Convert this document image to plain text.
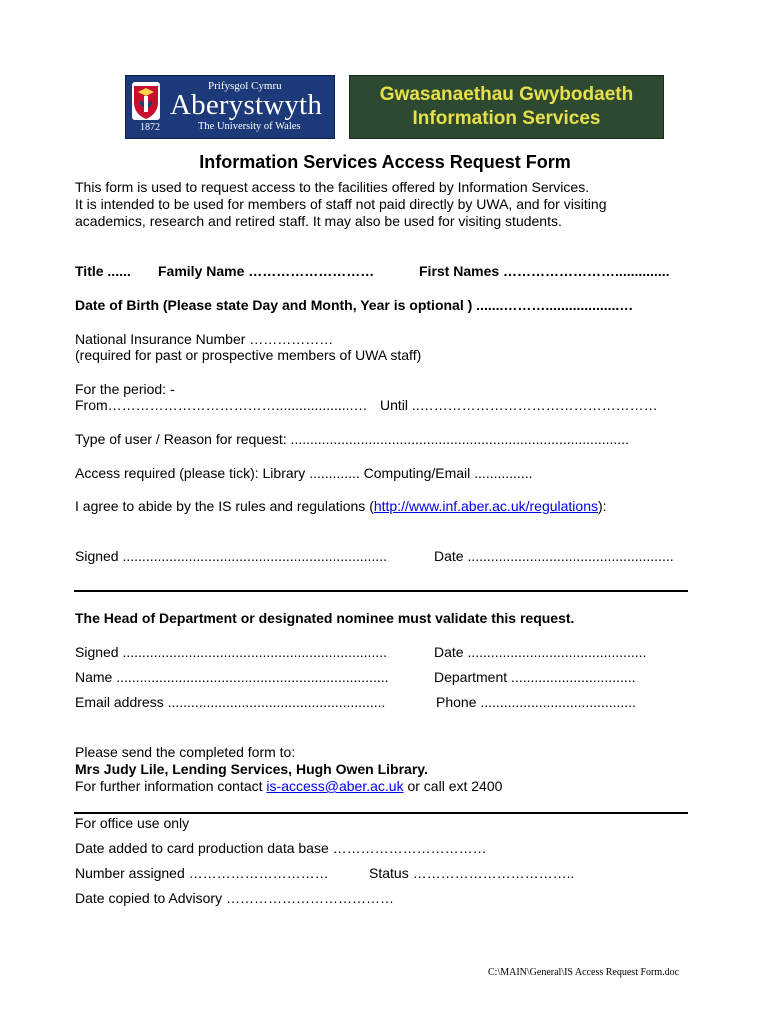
Prifysgol Cymru
Aberystwyth
1872	The University of Wales
Gwasanaethau Gwybodaeth
Information Services
Information Services Access Request Form
This form is used to request access to the facilities offered by Information Services.
It is intended to be used for members of staff not paid directly by UWA, and for visiting
academics, research and retired staff. It may also be used for visiting students.
Title ...... Family Name ………………………	First Names ……………………..............
Date of Birth (Please state Day and Month, Year is optional ) .......………...................…
National Insurance Number ………………
(required for past or prospective members of UWA staff)
For the period: -
From………………………………....................… Until ..……………………………………………
Type of user / Reason for request: .......................................................................................
Access required (please tick): Library ............. Computing/Email ...............
I agree to abide by the IS rules and regulations (http://www.inf.aber.ac.uk/regulations):
Signed ....................................................................	Date .....................................................
The Head of Department or designated nominee must validate this request.
Signed ....................................................................	Date ..............................................
Name ......................................................................	Department ................................
Email address ........................................................	Phone ........................................
Please send the completed form to:
Mrs Judy Lile, Lending Services, Hugh Owen Library.
For further information contact is-access@aber.ac.uk or call ext 2400
For office use only
Date added to card production data base ……………………………
Number assigned …………………………	Status ……………………………..
Date copied to Advisory ………………………………
C:\MAIN\General\IS Access Request Form.doc
